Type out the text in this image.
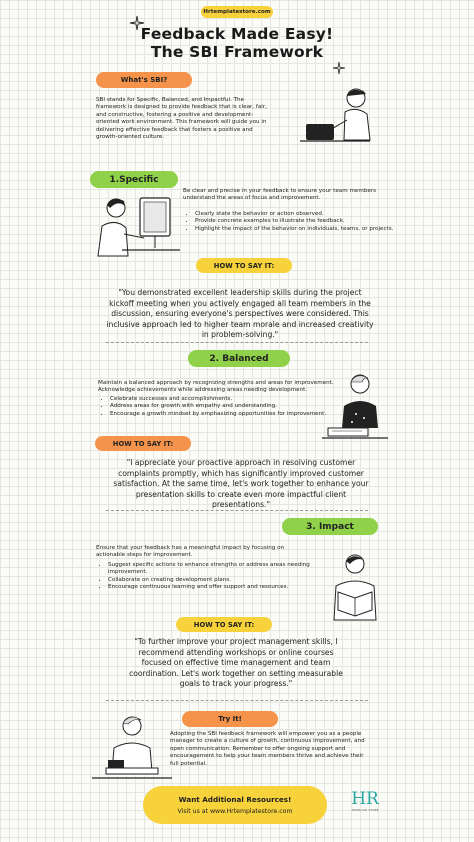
Hrtemplatestore.com
Feedback Made Easy!
The SBI Framework
What's SBI?

SBI stands for Specific, Balanced, and Impactful. The framework is designed to provide feedback that is clear, fair, and constructive, fostering a positive and development-oriented work environment. This framework will guide you in delivering effective feedback that fosters a positive and growth-oriented culture.

1.Specific

Be clear and precise in your feedback to ensure your team members understand the areas of focus and improvement.

• Clearly state the behavior or action observed.
• Provide concrete examples to illustrate the feedback.
• Highlight the impact of the behavior on individuals, teams, or projects.
HOW TO SAY IT:

"You demonstrated excellent leadership skills during the project kickoff meeting when you actively engaged all team members in the discussion, ensuring everyone's perspectives were considered. This inclusive approach led to higher team morale and increased creativity in problem-solving."

2. Balanced

Maintain a balanced approach by recognizing strengths and areas for improvement. Acknowledge achievements while addressing areas needing development.

• Celebrate successes and accomplishments.
• Address areas for growth with empathy and understanding.
• Encourage a growth mindset by emphasizing opportunities for improvement.
HOW TO SAY IT:

"I appreciate your proactive approach in resolving customer complaints promptly, which has significantly improved customer satisfaction. At the same time, let's work together to enhance your presentation skills to create even more impactful client presentations."

3. Impact

Ensure that your feedback has a meaningful impact by focusing on actionable steps for improvement.

• Suggest specific actions to enhance strengths or address areas needing improvement.
• Collaborate on creating development plans.
• Encourage continuous learning and offer support and resources.
HOW TO SAY IT:

"To further improve your project management skills, I recommend attending workshops or online courses focused on effective time management and team coordination. Let's work together on setting measurable goals to track your progress."

Try It!

Adopting the SBI feedback framework will empower you as a people manager to create a culture of growth, continuous improvement, and open communication. Remember to offer ongoing support and encouragement to help your team members thrive and achieve their full potential.

Want Additional Resources!
Visit us at www.Hrtemplatestore.com
HR
TEMPLATE STORE
